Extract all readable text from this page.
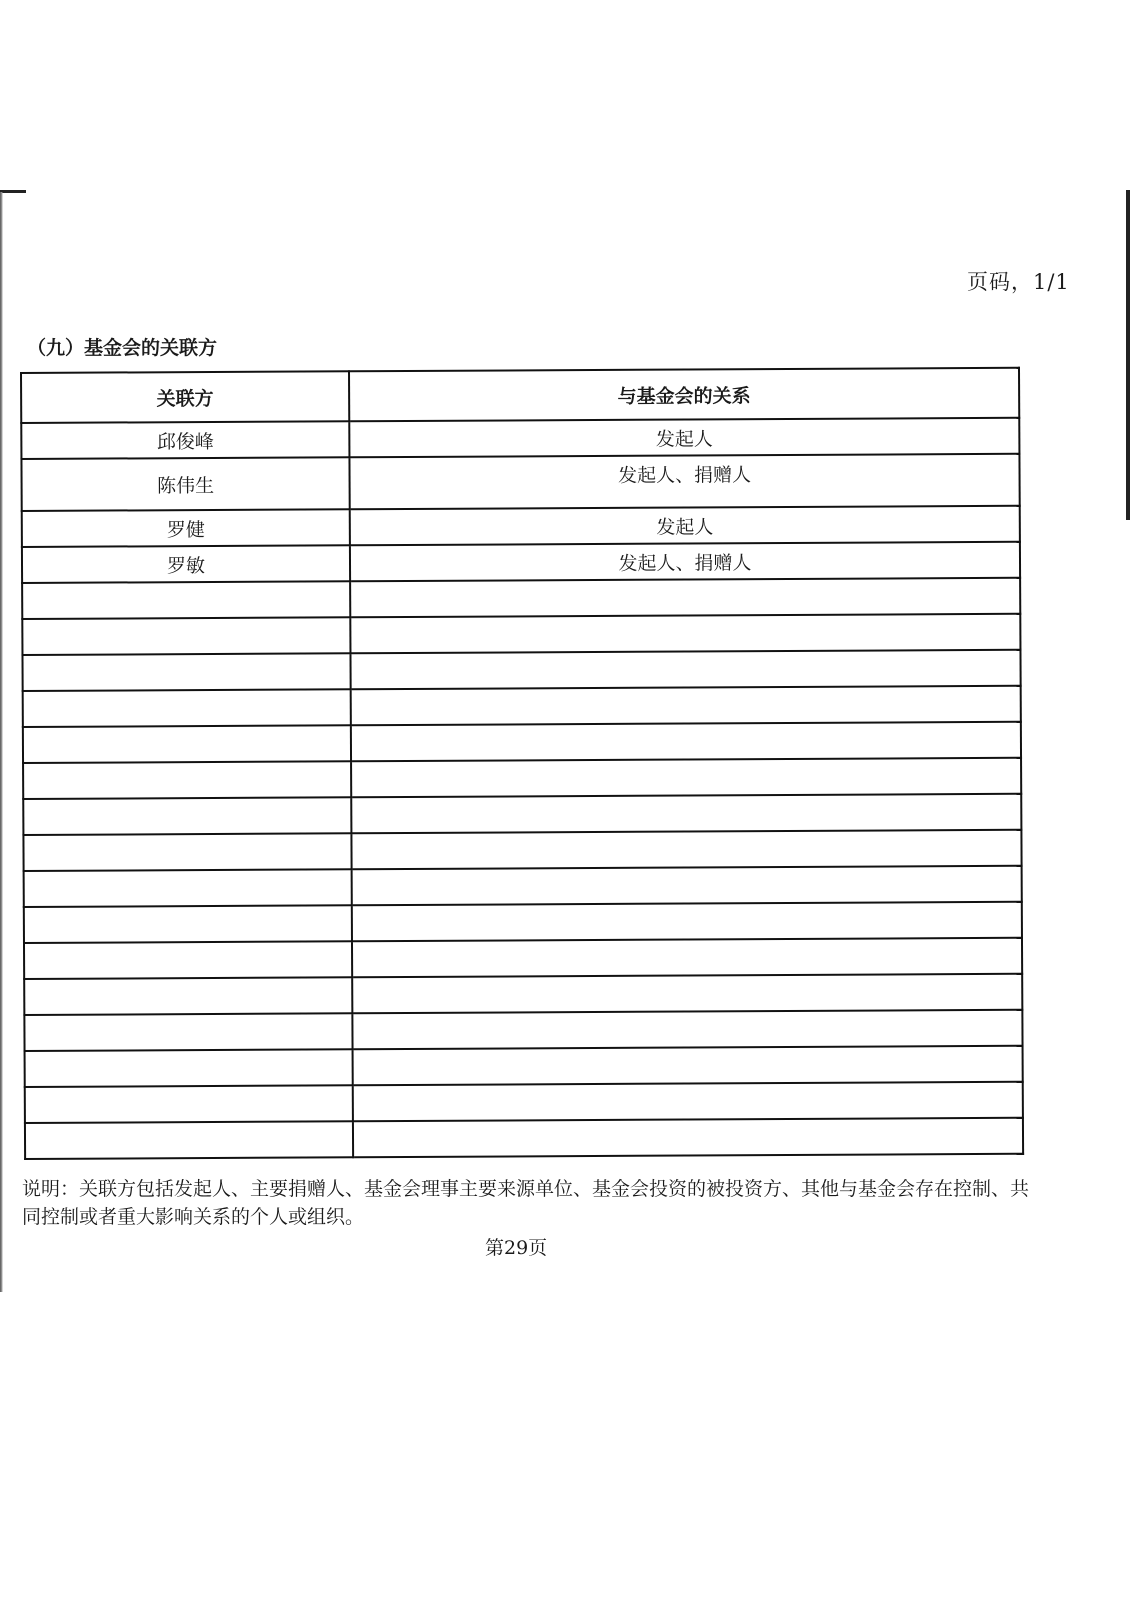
页码，1/1
（九）基金会的关联方
关联方	与基金会的关系
邱俊峰	发起人
陈伟生	发起人、捐赠人
罗健	发起人
罗敏	发起人、捐赠人

说明：关联方包括发起人、主要捐赠人、基金会理事主要来源单位、基金会投资的被投资方、其他与基金会存在控制、共同控制或者重大影响关系的个人或组织。
第29页
